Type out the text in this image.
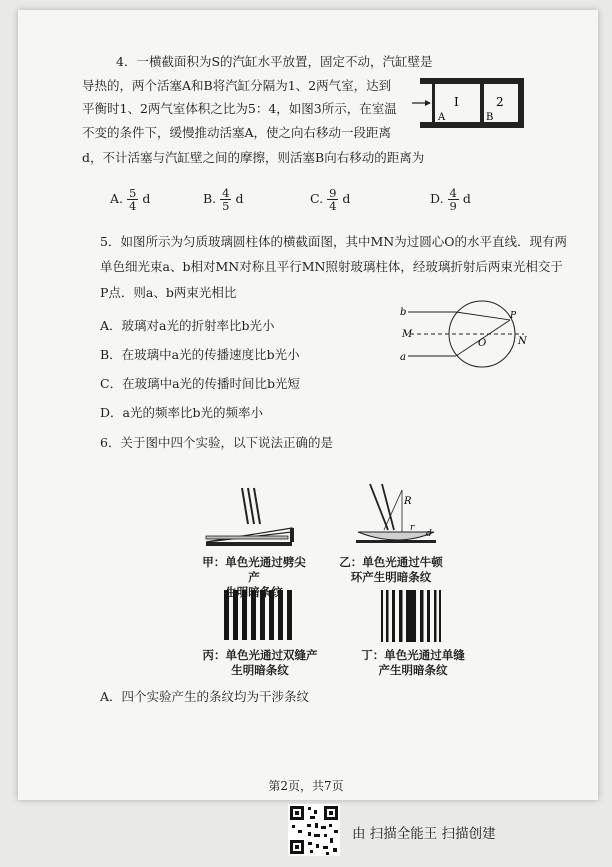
4．一横截面积为S的汽缸水平放置，固定不动，汽缸壁是
导热的，两个活塞A和B将汽缸分隔为1、2两气室，达到
平衡时1、2两气室体积之比为5：4，如图3所示，在室温
不变的条件下，缓慢推动活塞A，使之向右移动一段距离
d，不计活塞与汽缸壁之间的摩擦，则活塞B向右移动的距离为
I	2
A	B
A. $\frac{5}{4}$ d	B. $\frac{4}{5}$ d	C. $\frac{9}{4}$ d	D. $\frac{4}{9}$ d
5．如图所示为匀质玻璃圆柱体的横截面图，其中MN为过圆心O的水平直线．现有两
单色细光束a、b相对MN对称且平行MN照射玻璃柱体，经玻璃折射后两束光相交于
P点．则a、b两束光相比
b
M
a
O
P
N
A．玻璃对a光的折射率比b光小
B．在玻璃中a光的传播速度比b光小
C．在玻璃中a光的传播时间比b光短
D．a光的频率比b光的频率小
6．关于图中四个实验，以下说法正确的是
甲：单色光通过劈尖产
R
r
d
乙：单色光通过牛顿
环产生明暗条纹
丙：单色光通过双缝产
生明暗条纹
丁：单色光通过单缝
产生明暗条纹
A．四个实验产生的条纹均为干涉条纹
第2页，共7页
由 扫描全能王 扫描创建
